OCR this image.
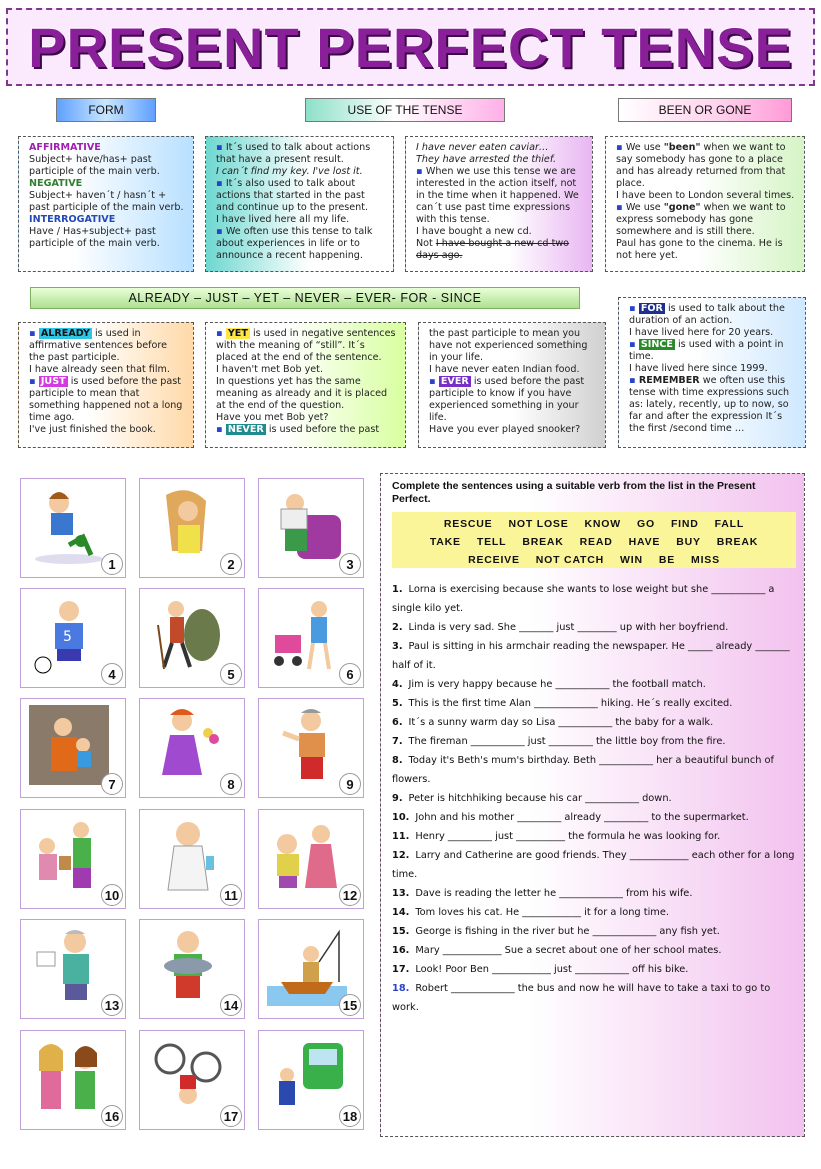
PRESENT PERFECT TENSE
FORM	USE OF THE TENSE	BEEN OR GONE

AFFIRMATIVE

Subject+ have/has+ past participle of the main verb.

NEGATIVE

Subject+ haven´t / hasn´t + past participle of the main verb.

INTERROGATIVE

Have / Has+subject+ past participle of the main verb.

▪ It´s used to talk about actions that have a present result.

I can´t find my key. I've lost it.

▪ It´s also used to talk about actions that started in the past and continue up to the present.

I have lived here all my life.

▪ We often use this tense to talk about experiences in life or to announce a recent happening.

I have never eaten caviar…

They have arrested the thief.

▪ When we use this tense we are interested in the action itself, not in the time when it happened. We can´t use past time expressions with this tense.

I have bought a new cd.

Not I have bought a new cd two days ago.

▪ We use "been" when we want to say somebody has gone to a place and has already returned from that place.

I have been to London several times.

▪ We use "gone" when we want to express somebody has gone somewhere and is still there.

Paul has gone to the cinema. He is not here yet.

ALREADY – JUST – YET – NEVER – EVER- FOR - SINCE

▪ ALREADY is used in affirmative sentences before the past participle.

I have already seen that film.

▪ JUST is used before the past participle to mean that something happened not a long time ago.

I've just finished the book.

▪ YET is used in negative sentences with the meaning of “still”. It´s placed at the end of the sentence.

I haven't met Bob yet.

In questions yet has the same meaning as already and it is placed at the end of the question.

Have you met Bob yet?

▪ NEVER is used before the past

the past participle to mean you have not experienced something in your life.

I have never eaten Indian food.

▪ EVER is used before the past participle to know if you have experienced something in your life.

Have you ever played snooker?

▪ FOR is used to talk about the duration of an action.

I have lived here for 20 years.

▪ SINCE is used with a point in time.

I have lived here since 1999.

▪ REMEMBER we often use this tense with time expressions such as: lately, recently, up to now, so far and after the expression It´s the first /second time …

1	2	3
5
4	5	6
7	8	9
10	11	12
13	14	15
16	17	18

Complete the sentences using a suitable verb from the list in the Present Perfect.

RESCUE NOT LOSE KNOW GO FIND FALL
TAKE TELL BREAK READ HAVE BUY BREAK
RECEIVE NOT CATCH WIN BE MISS

1. Lorna is exercising because she wants to lose weight but she ___________ a single kilo yet.

2. Linda is very sad. She _______ just ________ up with her boyfriend.

3. Paul is sitting in his armchair reading the newspaper. He _____ already _______ half of it.

4. Jim is very happy because he ___________ the football match.

5. This is the first time Alan _____________ hiking. He´s really excited.

6. It´s a sunny warm day so Lisa ___________ the baby for a walk.

7. The fireman ___________ just _________ the little boy from the fire.

8. Today it's Beth's mum's birthday. Beth ___________ her a beautiful bunch of flowers.

9. Peter is hitchhiking because his car ___________ down.

10. John and his mother _________ already _________ to the supermarket.

11. Henry _________ just __________ the formula he was looking for.

12. Larry and Catherine are good friends. They ____________ each other for a long time.

13. Dave is reading the letter he _____________ from his wife.

14. Tom loves his cat. He ____________ it for a long time.

15. George is fishing in the river but he _____________ any fish yet.

16. Mary ____________ Sue a secret about one of her school mates.

17. Look! Poor Ben ____________ just ___________ off his bike.

18. Robert _____________ the bus and now he will have to take a taxi to go to work.
